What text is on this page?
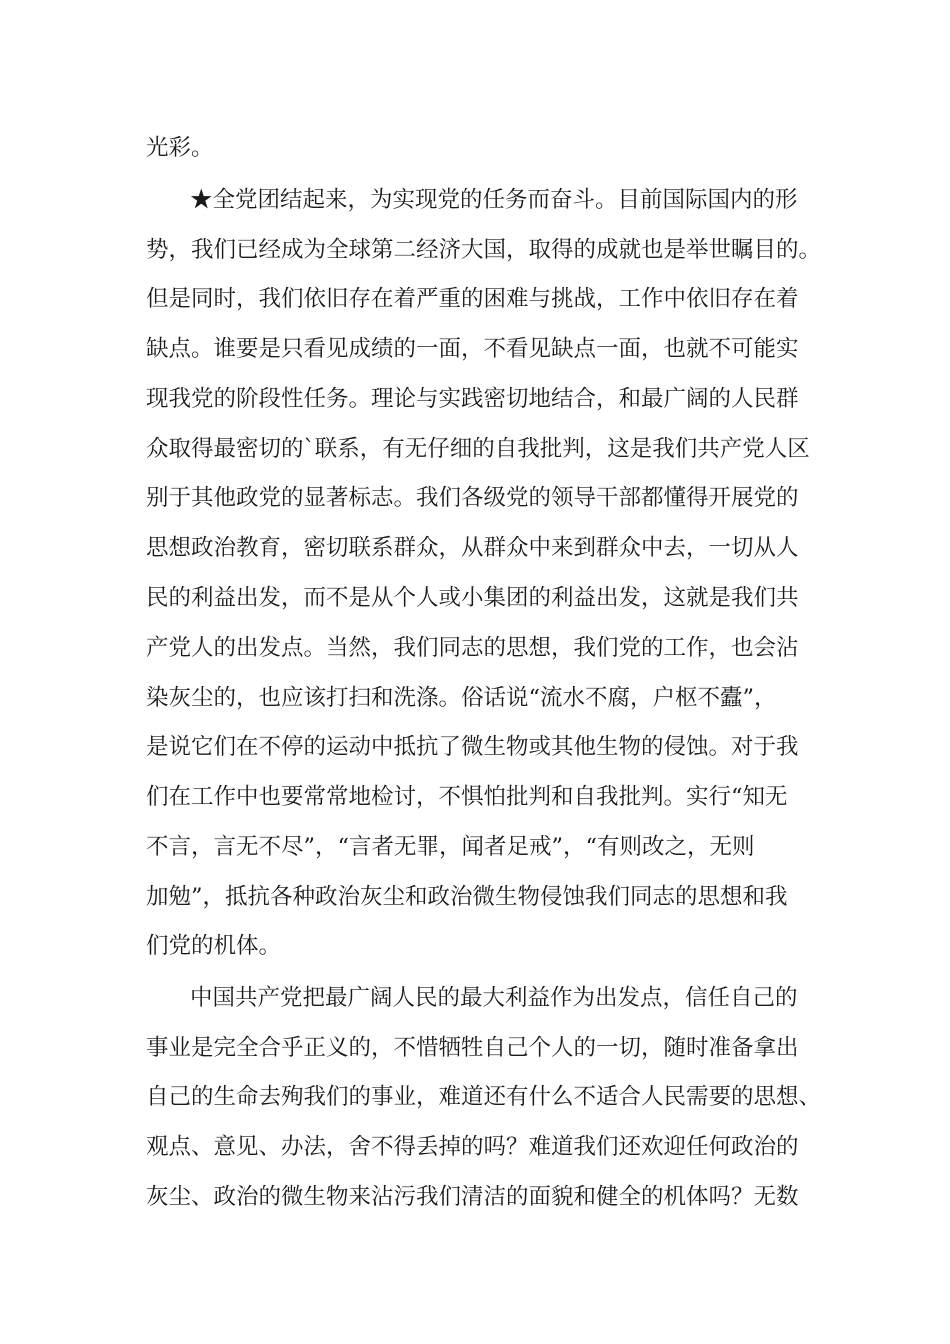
光彩。
★全党团结起来，为实现党的任务而奋斗。目前国际国内的形
势，我们已经成为全球第二经济大国，取得的成就也是举世瞩目的。
但是同时，我们依旧存在着严重的困难与挑战，工作中依旧存在着
缺点。谁要是只看见成绩的一面，不看见缺点一面，也就不可能实
现我党的阶段性任务。理论与实践密切地结合，和最广阔的人民群
众取得最密切的`联系，有无仔细的自我批判，这是我们共产党人区
别于其他政党的显著标志。我们各级党的领导干部都懂得开展党的
思想政治教育，密切联系群众，从群众中来到群众中去，一切从人
民的利益出发，而不是从个人或小集团的利益出发，这就是我们共
产党人的出发点。当然，我们同志的思想，我们党的工作，也会沾
染灰尘的，也应该打扫和洗涤。俗话说“流水不腐，户枢不蠹”，
是说它们在不停的运动中抵抗了微生物或其他生物的侵蚀。对于我
们在工作中也要常常地检讨，不惧怕批判和自我批判。实行“知无
不言，言无不尽”，“言者无罪，闻者足戒”，“有则改之，无则
加勉”，抵抗各种政治灰尘和政治微生物侵蚀我们同志的思想和我
们党的机体。
中国共产党把最广阔人民的最大利益作为出发点，信任自己的
事业是完全合乎正义的，不惜牺牲自己个人的一切，随时准备拿出
自己的生命去殉我们的事业，难道还有什么不适合人民需要的思想、
观点、意见、办法，舍不得丢掉的吗？难道我们还欢迎任何政治的
灰尘、政治的微生物来沾污我们清洁的面貌和健全的机体吗？无数
